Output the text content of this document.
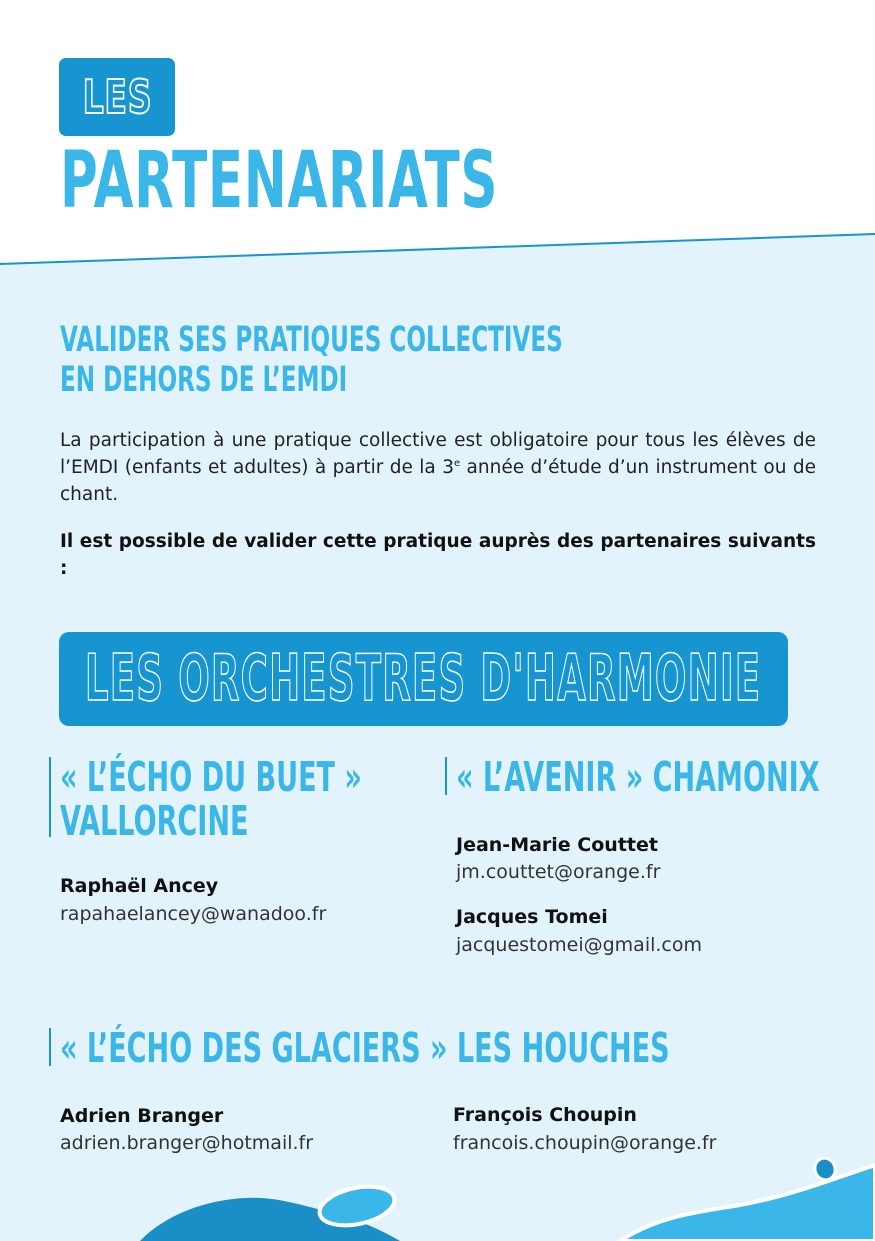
LES
PARTENARIATS
VALIDER SES PRATIQUES COLLECTIVES
EN DEHORS DE L’EMDI
La participation à une pratique collective est obligatoire pour tous les élèves de l’EMDI (enfants et adultes) à partir de la 3e année d’étude d’un instrument ou de chant.
Il est possible de valider cette pratique auprès des partenaires suivants :
LES ORCHESTRES D'HARMONIE
« L’ÉCHO DU BUET »
VALLORCINE
Raphaël Ancey
rapahaelancey@wanadoo.fr
« L’AVENIR » CHAMONIX
Jean-Marie Couttet
jm.couttet@orange.fr
Jacques Tomei
jacquestomei@gmail.com
« L’ÉCHO DES GLACIERS » LES HOUCHES
Adrien Branger
adrien.branger@hotmail.fr
François Choupin
francois.choupin@orange.fr
